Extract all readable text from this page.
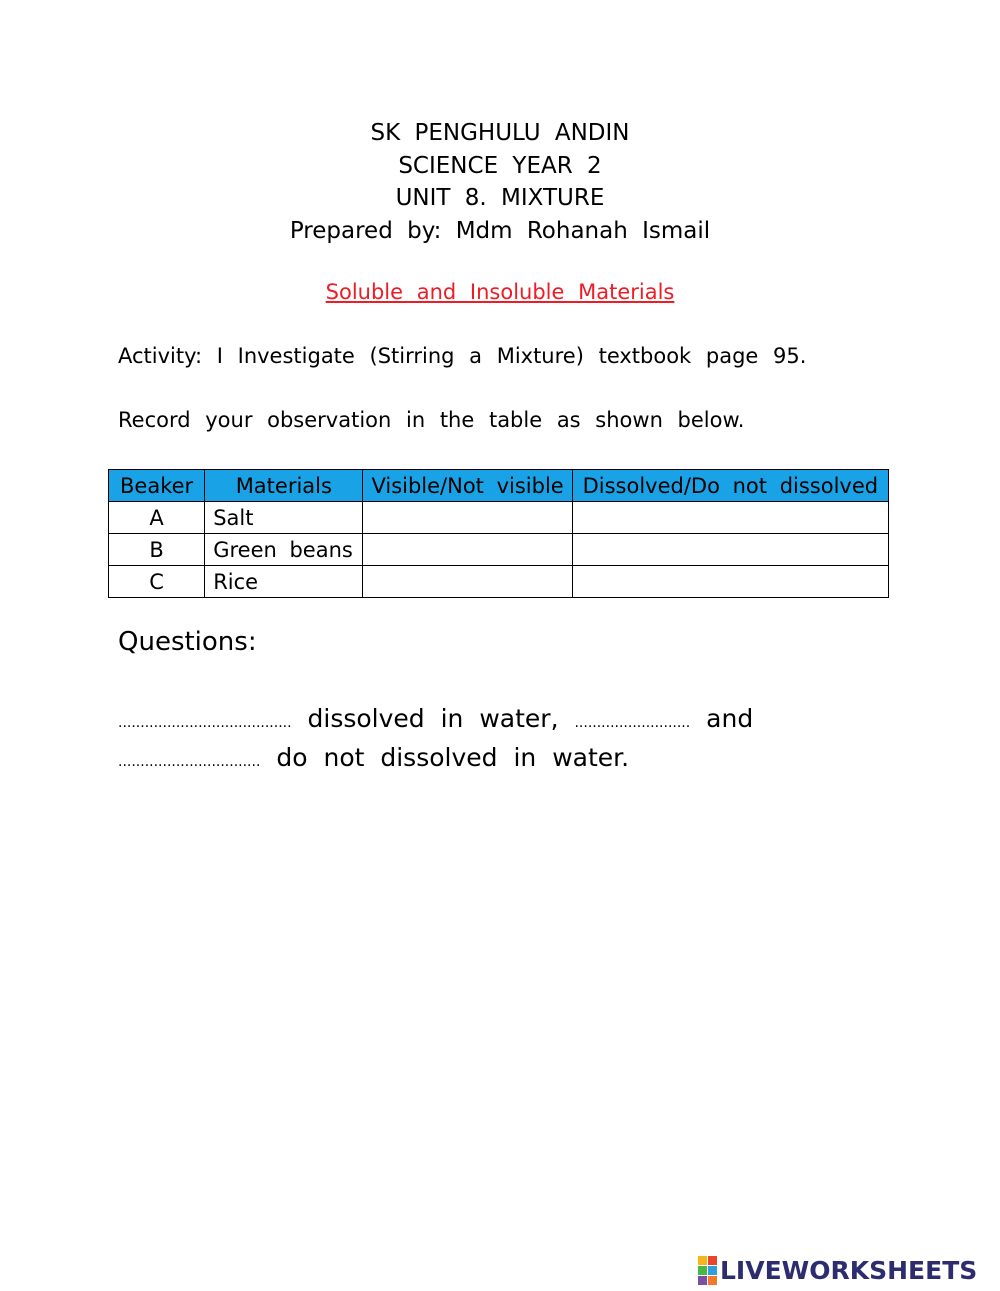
SK PENGHULU ANDIN
SCIENCE YEAR 2
UNIT 8. MIXTURE
Prepared by: Mdm Rohanah Ismail
Soluble and Insoluble Materials
Activity: I Investigate (Stirring a Mixture) textbook page 95.
Record your observation in the table as shown below.
Beaker	Materials	Visible/Not visible	Dissolved/Do not dissolved
A	Salt		
B	Green beans		
C	Rice		
Questions:
....................................... dissolved in water, .......................... and
................................ do not dissolved in water.
LIVEWORKSHEETS
